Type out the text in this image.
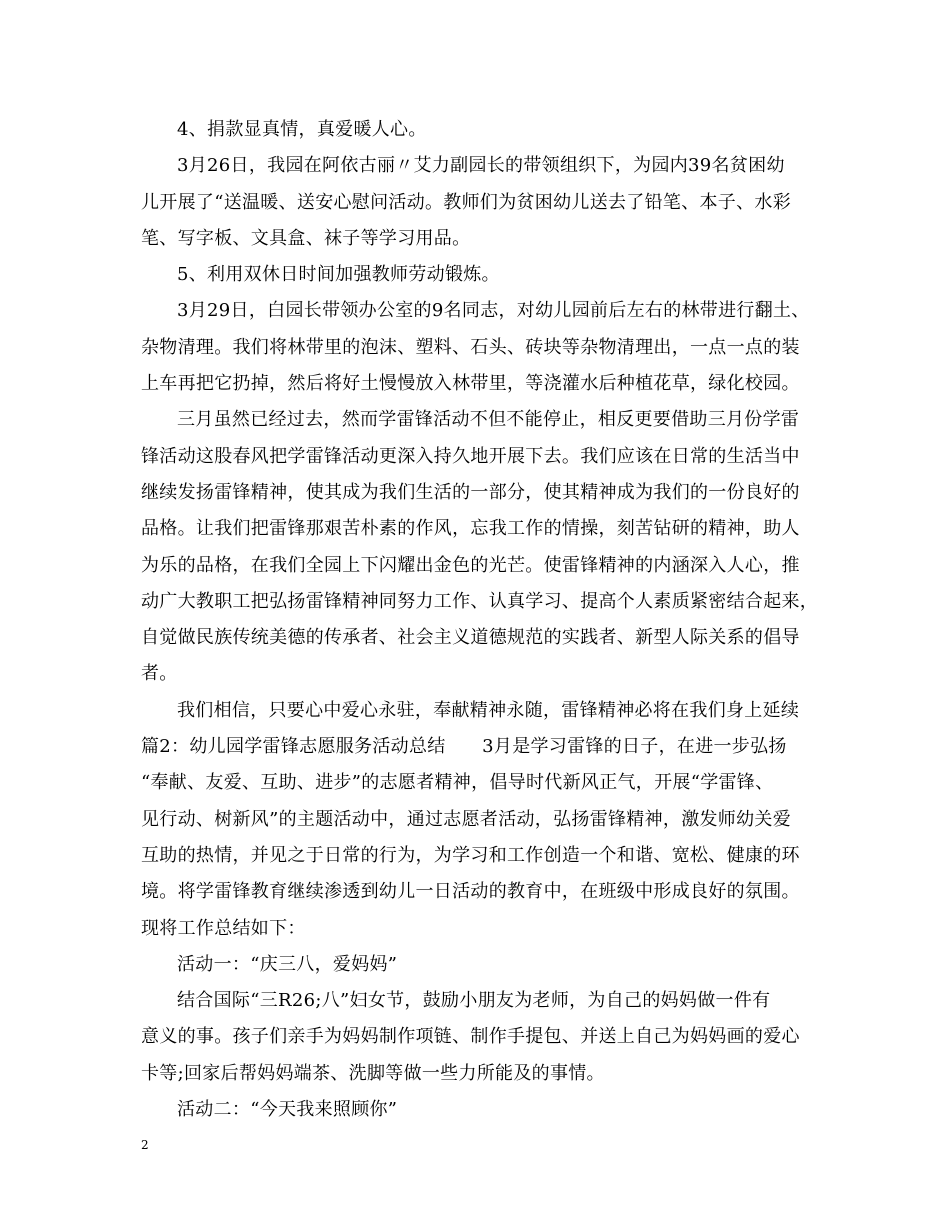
4、捐款显真情，真爱暖人心。
3月26日，我园在阿依古丽〃艾力副园长的带领组织下，为园内39名贫困幼
儿开展了“送温暖、送安心慰问活动。教师们为贫困幼儿送去了铅笔、本子、水彩
笔、写字板、文具盒、袜子等学习用品。
5、利用双休日时间加强教师劳动锻炼。
3月29日，白园长带领办公室的9名同志，对幼儿园前后左右的林带进行翻土、
杂物清理。我们将林带里的泡沫、塑料、石头、砖块等杂物清理出，一点一点的装
上车再把它扔掉，然后将好土慢慢放入林带里，等浇灌水后种植花草，绿化校园。
三月虽然已经过去，然而学雷锋活动不但不能停止，相反更要借助三月份学雷
锋活动这股春风把学雷锋活动更深入持久地开展下去。我们应该在日常的生活当中
继续发扬雷锋精神，使其成为我们生活的一部分，使其精神成为我们的一份良好的
品格。让我们把雷锋那艰苦朴素的作风，忘我工作的情操，刻苦钻研的精神，助人
为乐的品格，在我们全园上下闪耀出金色的光芒。使雷锋精神的内涵深入人心，推
动广大教职工把弘扬雷锋精神同努力工作、认真学习、提高个人素质紧密结合起来，
自觉做民族传统美德的传承者、社会主义道德规范的实践者、新型人际关系的倡导
者。
我们相信，只要心中爱心永驻，奉献精神永随，雷锋精神必将在我们身上延续
篇2：幼儿园学雷锋志愿服务活动总结　　3月是学习雷锋的日子，在进一步弘扬
“奉献、友爱、互助、进步”的志愿者精神，倡导时代新风正气，开展“学雷锋、
见行动、树新风”的主题活动中，通过志愿者活动，弘扬雷锋精神，激发师幼关爱
互助的热情，并见之于日常的行为，为学习和工作创造一个和谐、宽松、健康的环
境。将学雷锋教育继续渗透到幼儿一日活动的教育中，在班级中形成良好的氛围。
现将工作总结如下：
活动一：“庆三八，爱妈妈”
结合国际“三R26;八”妇女节，鼓励小朋友为老师，为自己的妈妈做一件有
意义的事。孩子们亲手为妈妈制作项链、制作手提包、并送上自己为妈妈画的爱心
卡等;回家后帮妈妈端茶、洗脚等做一些力所能及的事情。
活动二：“今天我来照顾你”
2
